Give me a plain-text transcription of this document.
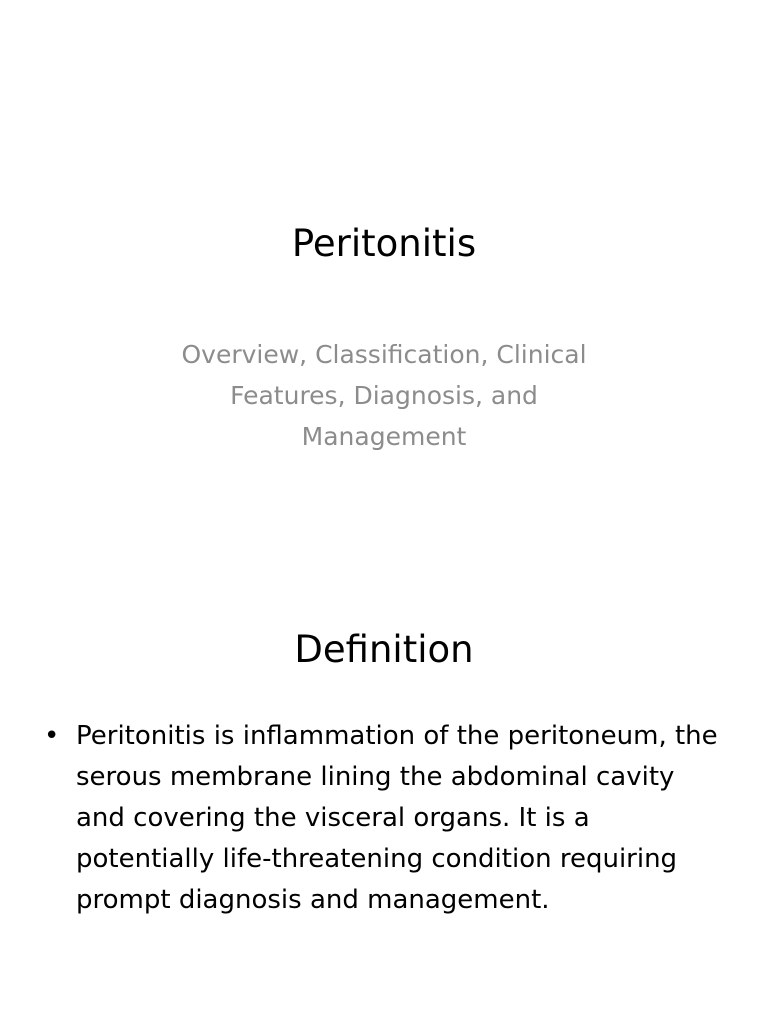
Peritonitis

Overview, Classification, Clinical Features, Diagnosis, and Management

Definition
• Peritonitis is inflammation of the peritoneum, the serous membrane lining the abdominal cavity and covering the visceral organs. It is a potentially life-threatening condition requiring prompt diagnosis and management.
